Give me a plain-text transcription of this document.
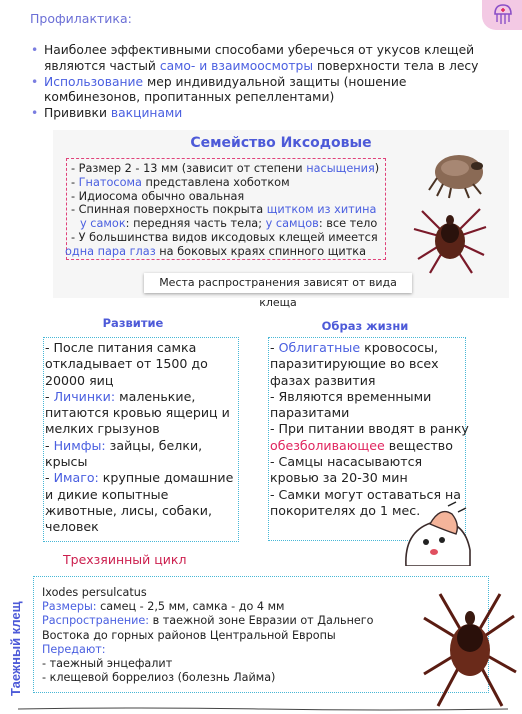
Профилактика:
• Наиболее эффективными способами уберечься от укусов клещей являются частый само- и взаимоосмотры поверхности тела в лесу
• Использование мер индивидуальной защиты (ношение комбинезонов, пропитанных репеллентами)
• Прививки вакцинами
Семейство Иксодовые
- Размер 2 - 13 мм (зависит от степени насыщения)
- Гнатосома представлена хоботком
- Идиосома обычно овальная
- Спинная поверхность покрыта щитком из хитина
у самок: передняя часть тела; у самцов: все тело
- У большинства видов иксодовых клещей имеется
одна пара глаз на боковых краях спинного щитка
Места распространения зависят от вида клеща
Развитие
- После питания самка откладывает от 1500 до 20000 яиц
- Личинки: маленькие, питаются кровью ящериц и мелких грызунов
- Нимфы: зайцы, белки, крысы
- Имаго: крупные домашние и дикие копытные животные, лисы, собаки, человек
Образ жизни
- Облигатные кровососы, паразитирующие во всех фазах развития
- Являются временными паразитами
- При питании вводят в ранку обезболивающее вещество
- Самцы насасываются кровью за 20-30 мин
- Самки могут оставаться на покорителях до 1 мес.
Трехзяинный цикл
Таежный клещ
Ixodes persulcatus
Размеры: самец - 2,5 мм, самка - до 4 мм
Распространение: в таежной зоне Евразии от Дальнего
Востока до горных районов Центральной Европы
Передают:
- таежный энцефалит
- клещевой боррелиоз (болезнь Лайма)
